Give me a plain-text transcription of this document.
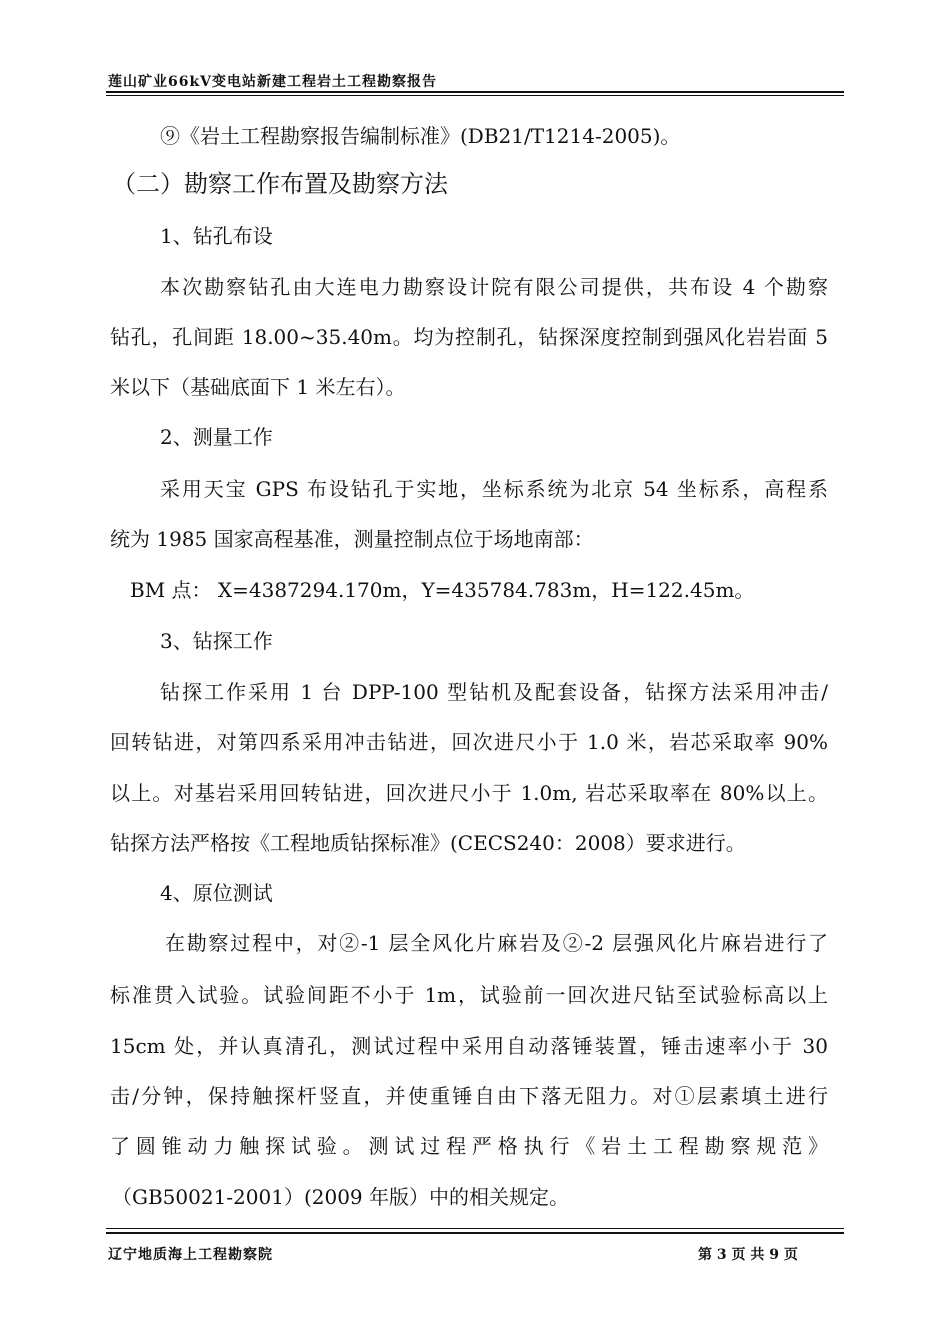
莲山矿业66kV变电站新建工程岩土工程勘察报告
⑨《岩土工程勘察报告编制标准》(DB21/T1214-2005)。
（二）勘察工作布置及勘察方法
1、钻孔布设
本次勘察钻孔由大连电力勘察设计院有限公司提供，共布设 4 个勘察
钻孔，孔间距 18.00~35.40m。均为控制孔，钻探深度控制到强风化岩岩面 5
米以下（基础底面下 1 米左右）。
2、测量工作
采用天宝 GPS 布设钻孔于实地，坐标系统为北京 54 坐标系，高程系
统为 1985 国家高程基准，测量控制点位于场地南部：
BM 点： X=4387294.170m，Y=435784.783m，H=122.45m。
3、钻探工作
钻探工作采用 1 台 DPP-100 型钻机及配套设备，钻探方法采用冲击/
回转钻进，对第四系采用冲击钻进，回次进尺小于 1.0 米，岩芯采取率 90%
以上。对基岩采用回转钻进，回次进尺小于 1.0m, 岩芯采取率在 80%以上。
钻探方法严格按《工程地质钻探标准》(CECS240：2008）要求进行。
4、原位测试
在勘察过程中，对②-1 层全风化片麻岩及②-2 层强风化片麻岩进行了
标准贯入试验。试验间距不小于 1m，试验前一回次进尺钻至试验标高以上
15cm 处，并认真清孔，测试过程中采用自动落锤装置，锤击速率小于 30
击/分钟，保持触探杆竖直，并使重锤自由下落无阻力。对①层素填土进行
了圆锥动力触探试验。测试过程严格执行《岩土工程勘察规范》
（GB50021-2001）(2009 年版）中的相关规定。
辽宁地质海上工程勘察院	第 3 页 共 9 页
